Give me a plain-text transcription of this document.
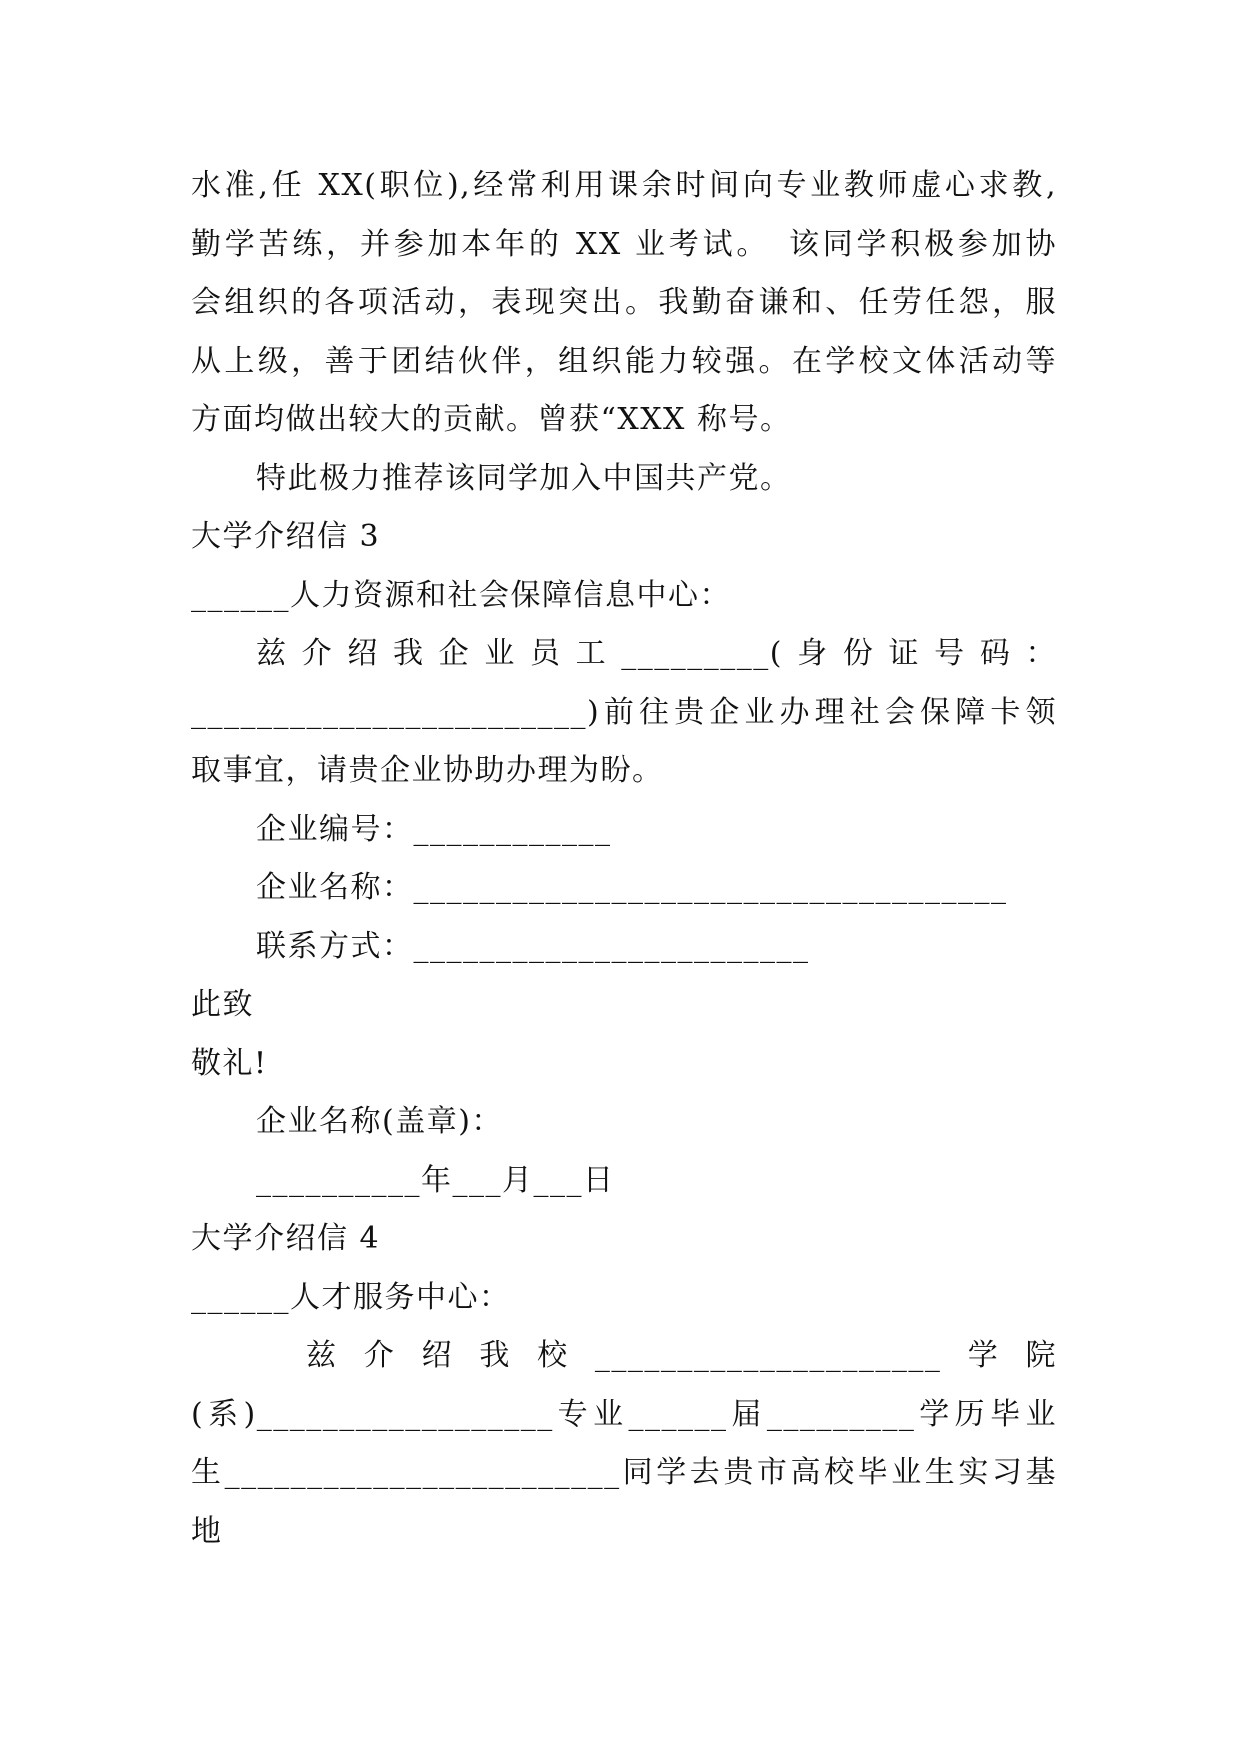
水准,任 XX(职位),经常利用课余时间向专业教师虚心求教,
勤学苦练，并参加本年的 XX 业考试。　该同学积极参加协
会组织的各项活动，表现突出。我勤奋谦和、任劳任怨，服
从上级，善于团结伙伴，组织能力较强。在学校文体活动等
方面均做出较大的贡献。曾获“XXX 称号。
特此极力推荐该同学加入中国共产党。
大学介绍信 3
______人力资源和社会保障信息中心：
兹介绍我企业员工_________(身份证号码：
________________________)前往贵企业办理社会保障卡领
取事宜，请贵企业协助办理为盼。
企业编号：____________
企业名称：____________________________________
联系方式：________________________
此致
敬礼!
企业名称(盖章)：
__________年___月___日
大学介绍信 4
______人才服务中心：
兹介绍我校_____________________学院
(系)__________________专业______届_________学历毕业
生________________________同学去贵市高校毕业生实习基
地
